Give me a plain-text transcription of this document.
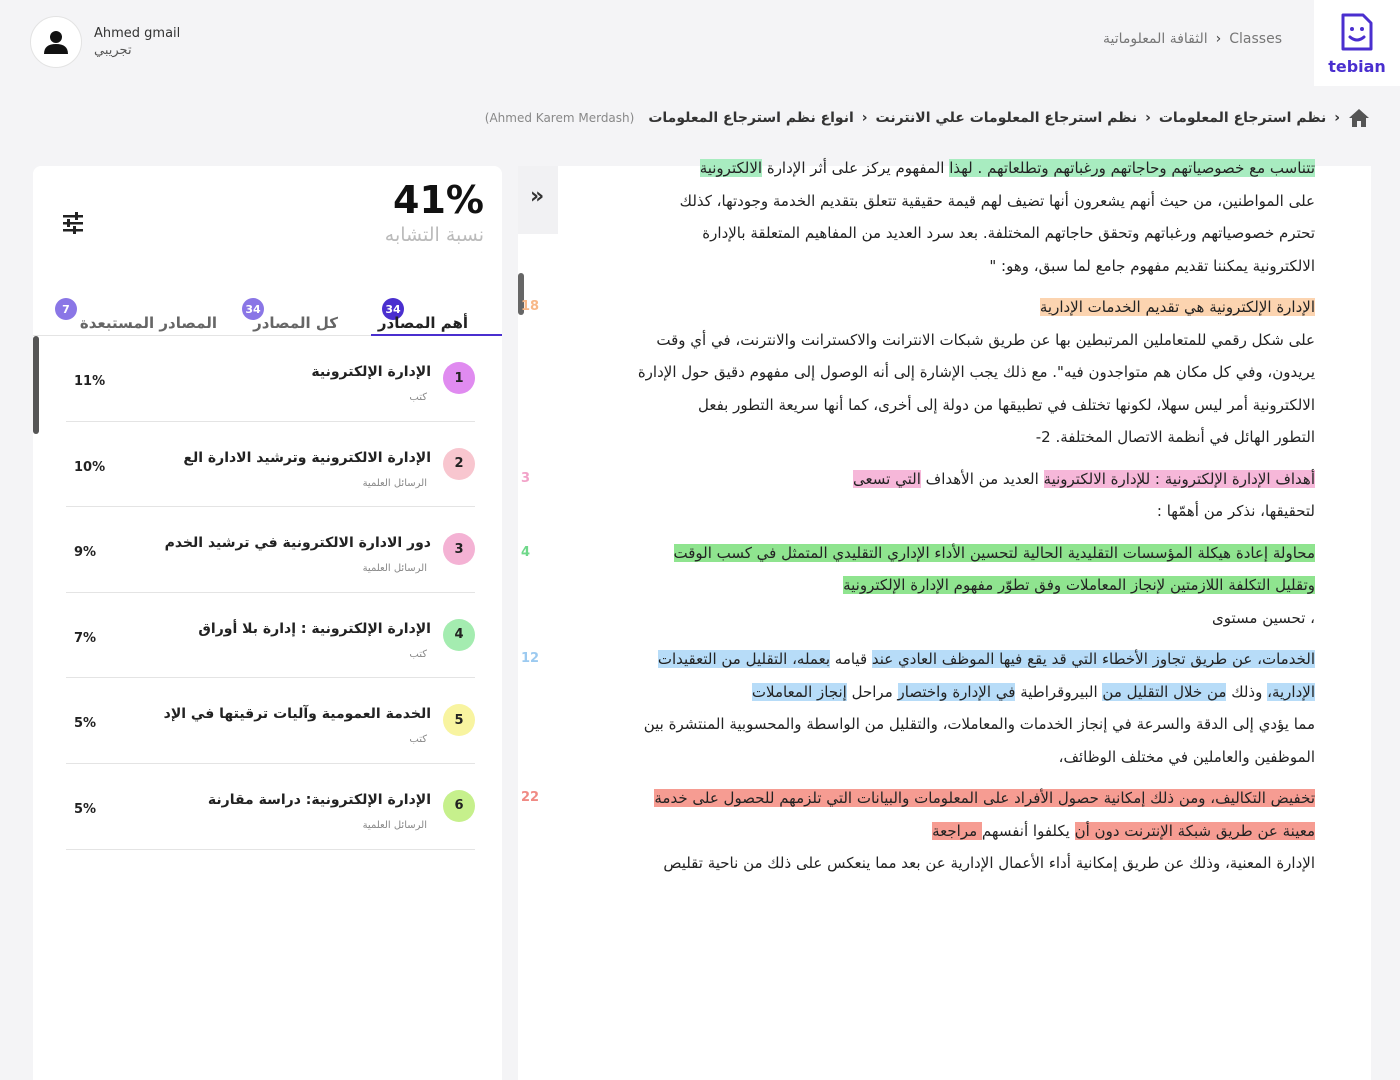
tebian
Classes
‹
الثقافة المعلوماتية
Ahmed gmail
تجريبي
‹
نظم استرجاع المعلومات
‹
نظم استرجاع المعلومات علي الانترنت
‹
انواع نظم استرجاع المعلومات
(Ahmed Karem Merdash)
41%
نسبة التشابه
34
أهم المصادر
34
كل المصادر
7
المصادر المستبعدة
1
الإدارة الإلكترونية
كتب
11%
2
الإدارة الالكترونية وترشيد الادارة الع
الرسائل العلمية
10%
3
دور الادارة الالكترونية في ترشيد الخدم
الرسائل العلمية
9%
4
الإدارة الإلكترونية : إدارة بلا أوراق
كتب
7%
5
الخدمة العمومية وآليات ترقيتها في الإد
كتب
5%
6
الإدارة الإلكترونية: دراسة مقارنة
الرسائل العلمية
5%
»
تتناسب مع خصوصياتهم وحاجاتهم ورغباتهم وتطلعاتهم . لهذا المفهوم يركز على أثر الإدارة الالكترونية
على المواطنين، من حيث أنهم يشعرون أنها تضيف لهم قيمة حقيقية تتعلق بتقديم الخدمة وجودتها، كذلك
تحترم خصوصياتهم ورغباتهم وتحقق حاجاتهم المختلفة. بعد سرد العديد من المفاهيم المتعلقة بالإدارة
الالكترونية يمكننا تقديم مفهوم جامع لما سبق، وهو: "
18	الإدارة الإلكترونية هي تقديم الخدمات الإدارية
على شكل رقمي للمتعاملين المرتبطين بها عن طريق شبكات الانترانت والاكسترانت والانترنت، في أي وقت
يريدون، وفي كل مكان هم متواجدون فيه". مع ذلك يجب الإشارة إلى أنه الوصول إلى مفهوم دقيق حول الإدارة
الالكترونية أمر ليس سهلا، لكونها تختلف في تطبيقها من دولة إلى أخرى، كما أنها سريعة التطور بفعل
التطور الهائل في أنظمة الاتصال المختلفة. 2-
3	أهداف الإدارة الإلكترونية : للإدارة الالكترونية العديد من الأهداف التي تسعى
لتحقيقها، نذكر من أهمّها :
4	محاولة إعادة هيكلة المؤسسات التقليدية الحالية لتحسين الأداء الإداري التقليدي المتمثل في كسب الوقت
وتقليل التكلفة اللازمتين لإنجاز المعاملات وفق تطوّر مفهوم الإدارة الإلكترونية
، تحسين مستوى
12	الخدمات، عن طريق تجاوز الأخطاء التي قد يقع فيها الموظف العادي عند قيامه بعمله، التقليل من التعقيدات
الإدارية، وذلك من خلال التقليل من البيروقراطية في الإدارة واختصار مراحل إنجاز المعاملات
مما يؤدي إلى الدقة والسرعة في إنجاز الخدمات والمعاملات، والتقليل من الواسطة والمحسوبية المنتشرة بين
الموظفين والعاملين في مختلف الوظائف،
22	تخفيض التكاليف، ومن ذلك إمكانية حصول الأفراد على المعلومات والبيانات التي تلزمهم للحصول على خدمة
معينة عن طريق شبكة الإنترنت دون أن يكلفوا أنفسهم مراجعة
الإدارة المعنية، وذلك عن طريق إمكانية أداء الأعمال الإدارية عن بعد مما ينعكس على ذلك من ناحية تقليص
